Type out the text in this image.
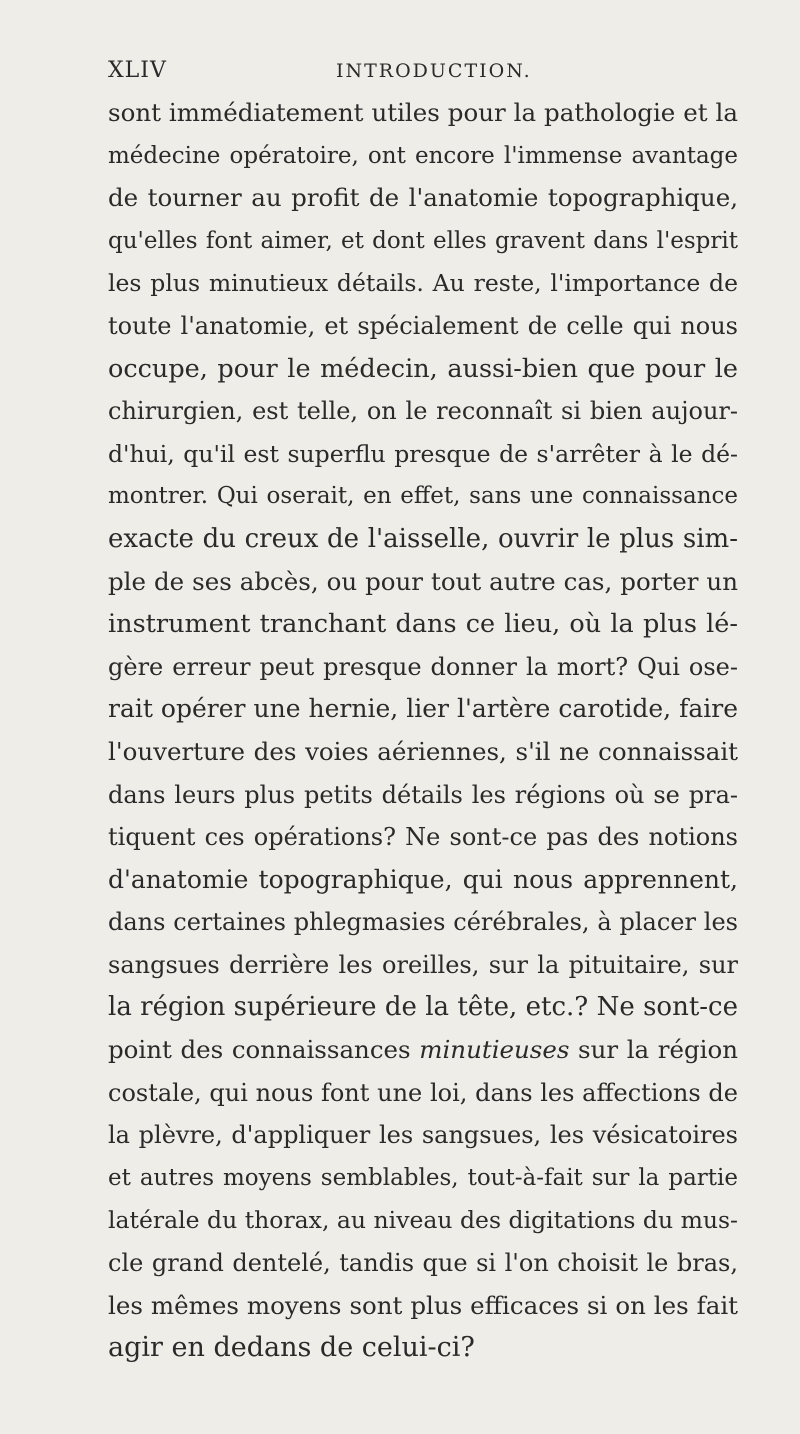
XLIV	INTRODUCTION.
sont immédiatement utiles pour la pathologie et la
médecine opératoire, ont encore l'immense avantage
de tourner au profit de l'anatomie topographique,
qu'elles font aimer, et dont elles gravent dans l'esprit
les plus minutieux détails. Au reste, l'importance de
toute l'anatomie, et spécialement de celle qui nous
occupe, pour le médecin, aussi-bien que pour le
chirurgien, est telle, on le reconnaît si bien aujour-
d'hui, qu'il est superflu presque de s'arrêter à le dé-
montrer. Qui oserait, en effet, sans une connaissance
exacte du creux de l'aisselle, ouvrir le plus sim-
ple de ses abcès, ou pour tout autre cas, porter un
instrument tranchant dans ce lieu, où la plus lé-
gère erreur peut presque donner la mort? Qui ose-
rait opérer une hernie, lier l'artère carotide, faire
l'ouverture des voies aériennes, s'il ne connaissait
dans leurs plus petits détails les régions où se pra-
tiquent ces opérations? Ne sont-ce pas des notions
d'anatomie topographique, qui nous apprennent,
dans certaines phlegmasies cérébrales, à placer les
sangsues derrière les oreilles, sur la pituitaire, sur
la région supérieure de la tête, etc.? Ne sont-ce
point des connaissances minutieuses sur la région
costale, qui nous font une loi, dans les affections de
la plèvre, d'appliquer les sangsues, les vésicatoires
et autres moyens semblables, tout-à-fait sur la partie
latérale du thorax, au niveau des digitations du mus-
cle grand dentelé, tandis que si l'on choisit le bras,
les mêmes moyens sont plus efficaces si on les fait
agir en dedans de celui-ci?
